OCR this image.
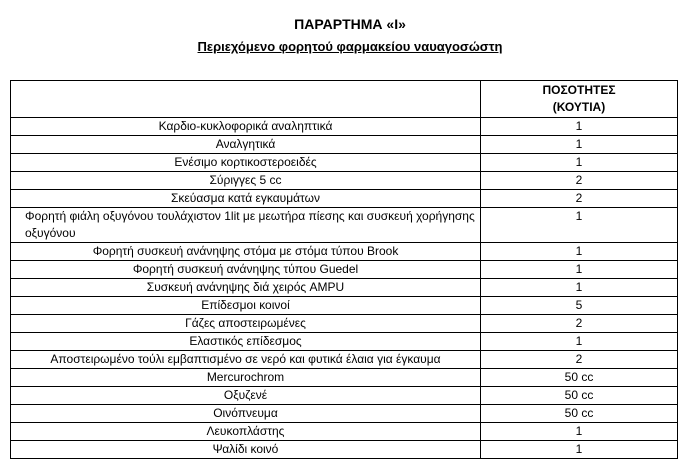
ΠΑΡΑΡΤΗΜΑ «Ι»
Περιεχόμενο φορητού φαρμακείου ναυαγοσώστη

	ΠΟΣΟΤΗΤΕΣ
(ΚΟΥΤΙΑ)

Καρδιο-κυκλοφορικά αναληπτικά	1
Αναλγητικά	1
Ενέσιμο κορτικοστεροειδές	1
Σύριγγες 5 cc	2
Σκεύασμα κατά εγκαυμάτων	2
Φορητή φιάλη οξυγόνου τουλάχιστον 1lit με μεωτήρα πίεσης και συσκευή χορήγησης οξυγόνου	1
Φορητή συσκευή ανάνηψης στόμα με στόμα τύπου Brook	1
Φορητή συσκευή ανάνηψης τύπου Guedel	1
Συσκευή ανάνηψης διά χειρός AMPU	1
Επίδεσμοι κοινοί	5
Γάζες αποστειρωμένες	2
Ελαστικός επίδεσμος	1
Αποστειρωμένο τούλι εμβαπτισμένο σε νερό και φυτικά έλαια για έγκαυμα	2
Mercurochrom	50 cc
Οξυζενέ	50 cc
Οινόπνευμα	50 cc
Λευκοπλάστης	1
Ψαλίδι κοινό	1
